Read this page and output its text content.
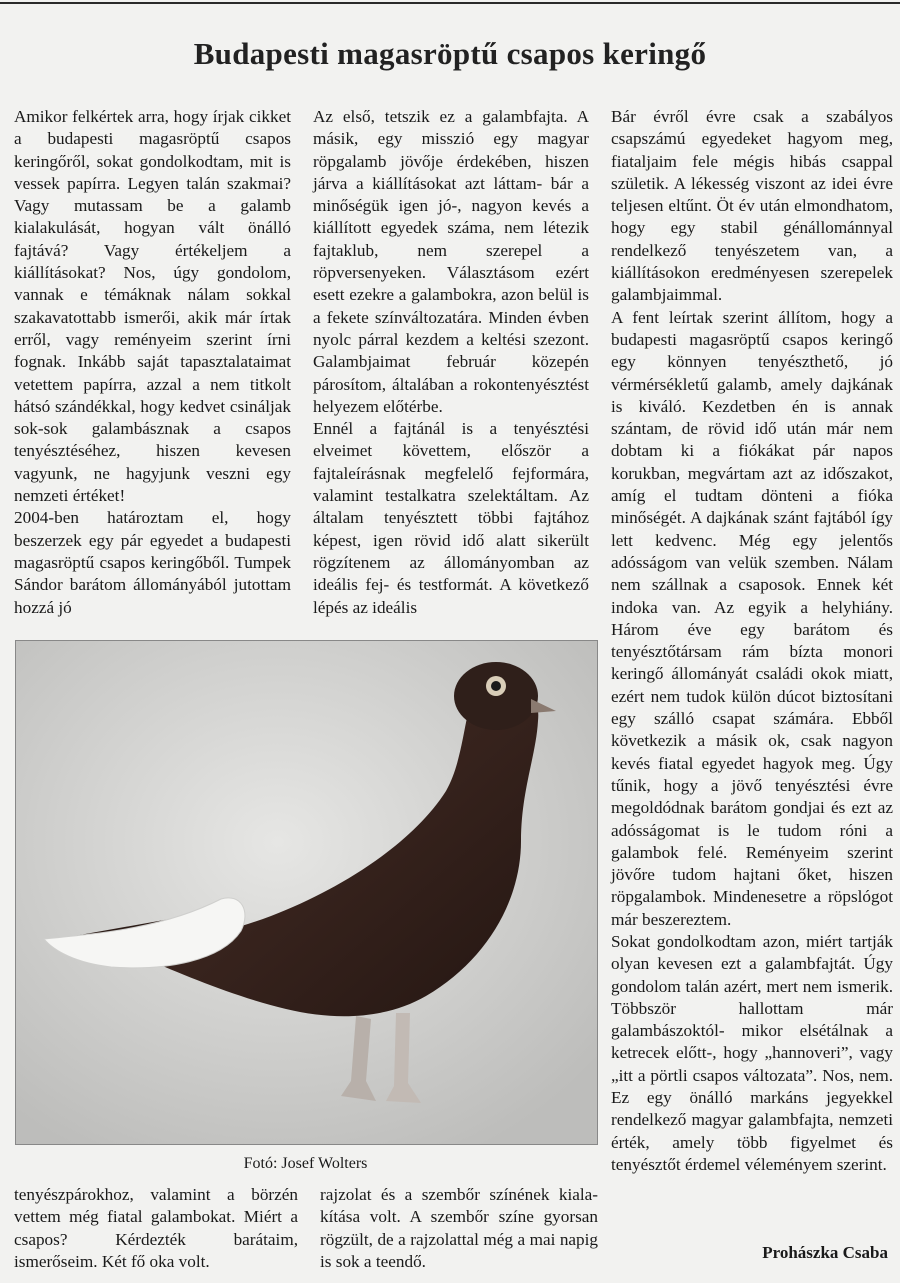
Budapesti magasröptű csapos keringő

Amikor felkértek arra, hogy írjak cikket a budapesti magasröptű csapos keringőről, sokat gondolkodtam, mit is vessek papírra. Legyen talán szakmai? Vagy mutassam be a galamb kialakulását, hogyan vált önálló fajtává? Vagy értékeljem a kiállításokat? Nos, úgy gondolom, vannak e témáknak nálam sokkal szakavatottabb ismerői, akik már írtak erről, vagy reményeim szerint írni fognak. Inkább saját tapasztalataimat vetettem papírra, azzal a nem titkolt hátsó szándékkal, hogy kedvet csináljak sok-sok galambásznak a csapos tenyésztéséhez, hiszen kevesen vagyunk, ne hagyjunk veszni egy nemzeti értéket!

2004-ben határoztam el, hogy beszerzek egy pár egyedet a budapesti magasröptű csapos keringőből. Tumpek Sándor barátom állományából jutottam hozzá jó

Az első, tetszik ez a galambfajta. A másik, egy misszió egy magyar röpgalamb jövője érdekében, hiszen járva a kiállításokat azt láttam- bár a minőségük igen jó-, nagyon kevés a kiállított egyedek száma, nem létezik fajtaklub, nem szerepel a röpversenyeken. Választásom ezért esett ezekre a galambokra, azon belül is a fekete színváltozatára. Minden évben nyolc párral kezdem a keltési szezont. Galambjaimat február közepén párosítom, általában a rokontenyésztést helyezem előtérbe.

Ennél a fajtánál is a tenyésztési elveimet követtem, először a fajtaleírásnak megfelelő fejformára, valamint testalkatra szelektáltam. Az általam tenyésztett többi fajtához képest, igen rövid idő alatt sikerült rögzítenem az állományomban az ideális fej- és testformát. A következő lépés az ideális

Bár évről évre csak a szabályos csapszámú egyedeket hagyom meg, fiataljaim fele mégis hibás csappal születik. A lékesség viszont az idei évre teljesen eltűnt. Öt év után elmondhatom, hogy egy stabil génállománnyal rendelkező tenyészetem van, a kiállításokon eredményesen szerepelek galambjaimmal.

A fent leírtak szerint állítom, hogy a budapesti magasröptű csapos keringő egy könnyen tenyészthető, jó vérmérsékletű galamb, amely dajkának is kiváló. Kezdetben én is annak szántam, de rövid idő után már nem dobtam ki a fiókákat pár napos korukban, megvártam azt az időszakot, amíg el tudtam dönteni a fióka minőségét. A dajkának szánt fajtából így lett kedvenc. Még egy jelentős adósságom van velük szemben. Nálam nem szállnak a csaposok. Ennek két indoka van. Az egyik a helyhiány. Három éve egy barátom és tenyésztőtársam rám bízta monori keringő állományát családi okok miatt, ezért nem tudok külön dúcot biztosítani egy szálló csapat számára. Ebből következik a másik ok, csak nagyon kevés fiatal egyedet hagyok meg. Úgy tűnik, hogy a jövő tenyésztési évre megoldódnak barátom gondjai és ezt az adósságomat is le tudom róni a galambok felé. Reményeim szerint jövőre tudom hajtani őket, hiszen röpgalambok. Mindenesetre a röpslógot már beszereztem.

Sokat gondolkodtam azon, miért tartják olyan kevesen ezt a galambfajtát. Úgy gondolom talán azért, mert nem ismerik. Többször hallottam már galambászoktól- mikor elsétálnak a ketrecek előtt-, hogy „hannoveri”, vagy „itt a pörtli csapos változata”. Nos, nem. Ez egy önálló markáns jegyekkel rendelkező magyar galambfajta, nemzeti érték, amely több figyelmet és tenyésztőt érdemel véleményem szerint.

Fotó: Josef Wolters

tenyészpárokhoz, valamint a börzén vettem még fiatal galambokat. Miért a csapos? Kérdezték barátaim, ismerőseim. Két fő oka volt.

rajzolat és a szembőr színének kiala-kítása volt. A szembőr színe gyorsan rögzült, de a rajzolattal még a mai napig is sok a teendő.	Prohászka Csaba
